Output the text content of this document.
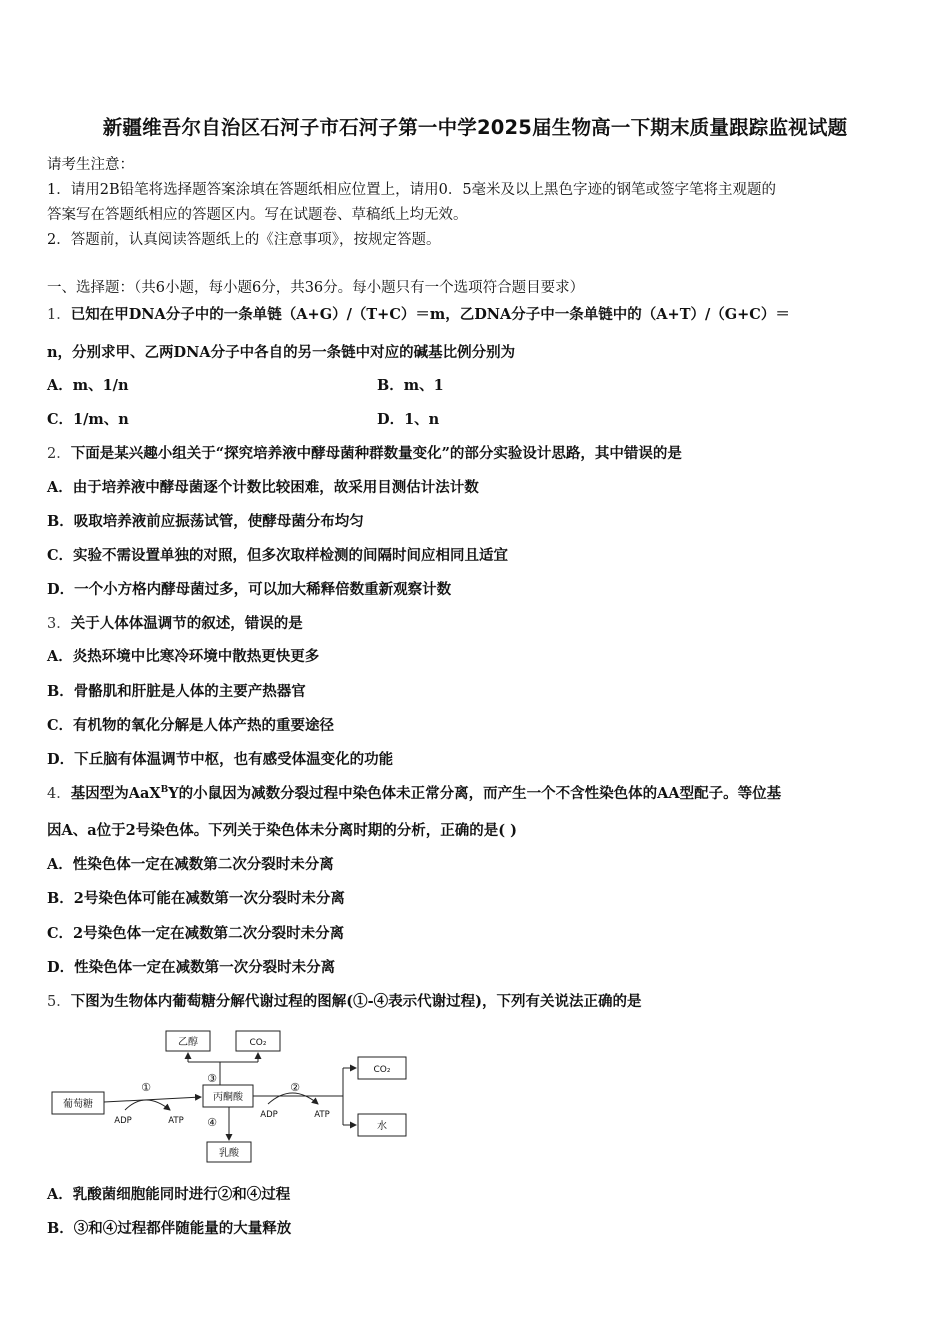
新疆维吾尔自治区石河子市石河子第一中学2025届生物高一下期末质量跟踪监视试题
请考生注意：
1．请用2B铅笔将选择题答案涂填在答题纸相应位置上，请用0．5毫米及以上黑色字迹的钢笔或签字笔将主观题的
答案写在答题纸相应的答题区内。写在试题卷、草稿纸上均无效。
2．答题前，认真阅读答题纸上的《注意事项》，按规定答题。
一、选择题：（共6小题，每小题6分，共36分。每小题只有一个选项符合题目要求）
1．已知在甲DNA分子中的一条单链（A+G）/（T+C）＝m，乙DNA分子中一条单链中的（A+T）/（G+C）＝
n，分别求甲、乙两DNA分子中各自的另一条链中对应的碱基比例分别为
A．m、1/n	B．m、1
C．1/m、n	D．1、n
2．下面是某兴趣小组关于“探究培养液中酵母菌种群数量变化”的部分实验设计思路，其中错误的是
A．由于培养液中酵母菌逐个计数比较困难，故采用目测估计法计数
B．吸取培养液前应振荡试管，使酵母菌分布均匀
C．实验不需设置单独的对照，但多次取样检测的间隔时间应相同且适宜
D．一个小方格内酵母菌过多，可以加大稀释倍数重新观察计数
3．关于人体体温调节的叙述，错误的是
A．炎热环境中比寒冷环境中散热更快更多
B．骨骼肌和肝脏是人体的主要产热器官
C．有机物的氧化分解是人体产热的重要途径
D．下丘脑有体温调节中枢，也有感受体温变化的功能
4．基因型为AaX$^B$Y的小鼠因为减数分裂过程中染色体未正常分离，而产生一个不含性染色体的AA型配子。等位基
因A、a位于2号染色体。下列关于染色体未分离时期的分析，正确的是( )
A．性染色体一定在减数第二次分裂时未分离
B．2号染色体可能在减数第一次分裂时未分离
C．2号染色体一定在减数第二次分裂时未分离
D．性染色体一定在减数第一次分裂时未分离
5．下图为生物体内葡萄糖分解代谢过程的图解(①-④表示代谢过程)，下列有关说法正确的是
葡萄糖
丙酮酸
乙醇	CO₂
乳酸
CO₂
水
①	②
③
④
ADP	ATP
ADP	ATP
A．乳酸菌细胞能同时进行②和④过程
B．③和④过程都伴随能量的大量释放
